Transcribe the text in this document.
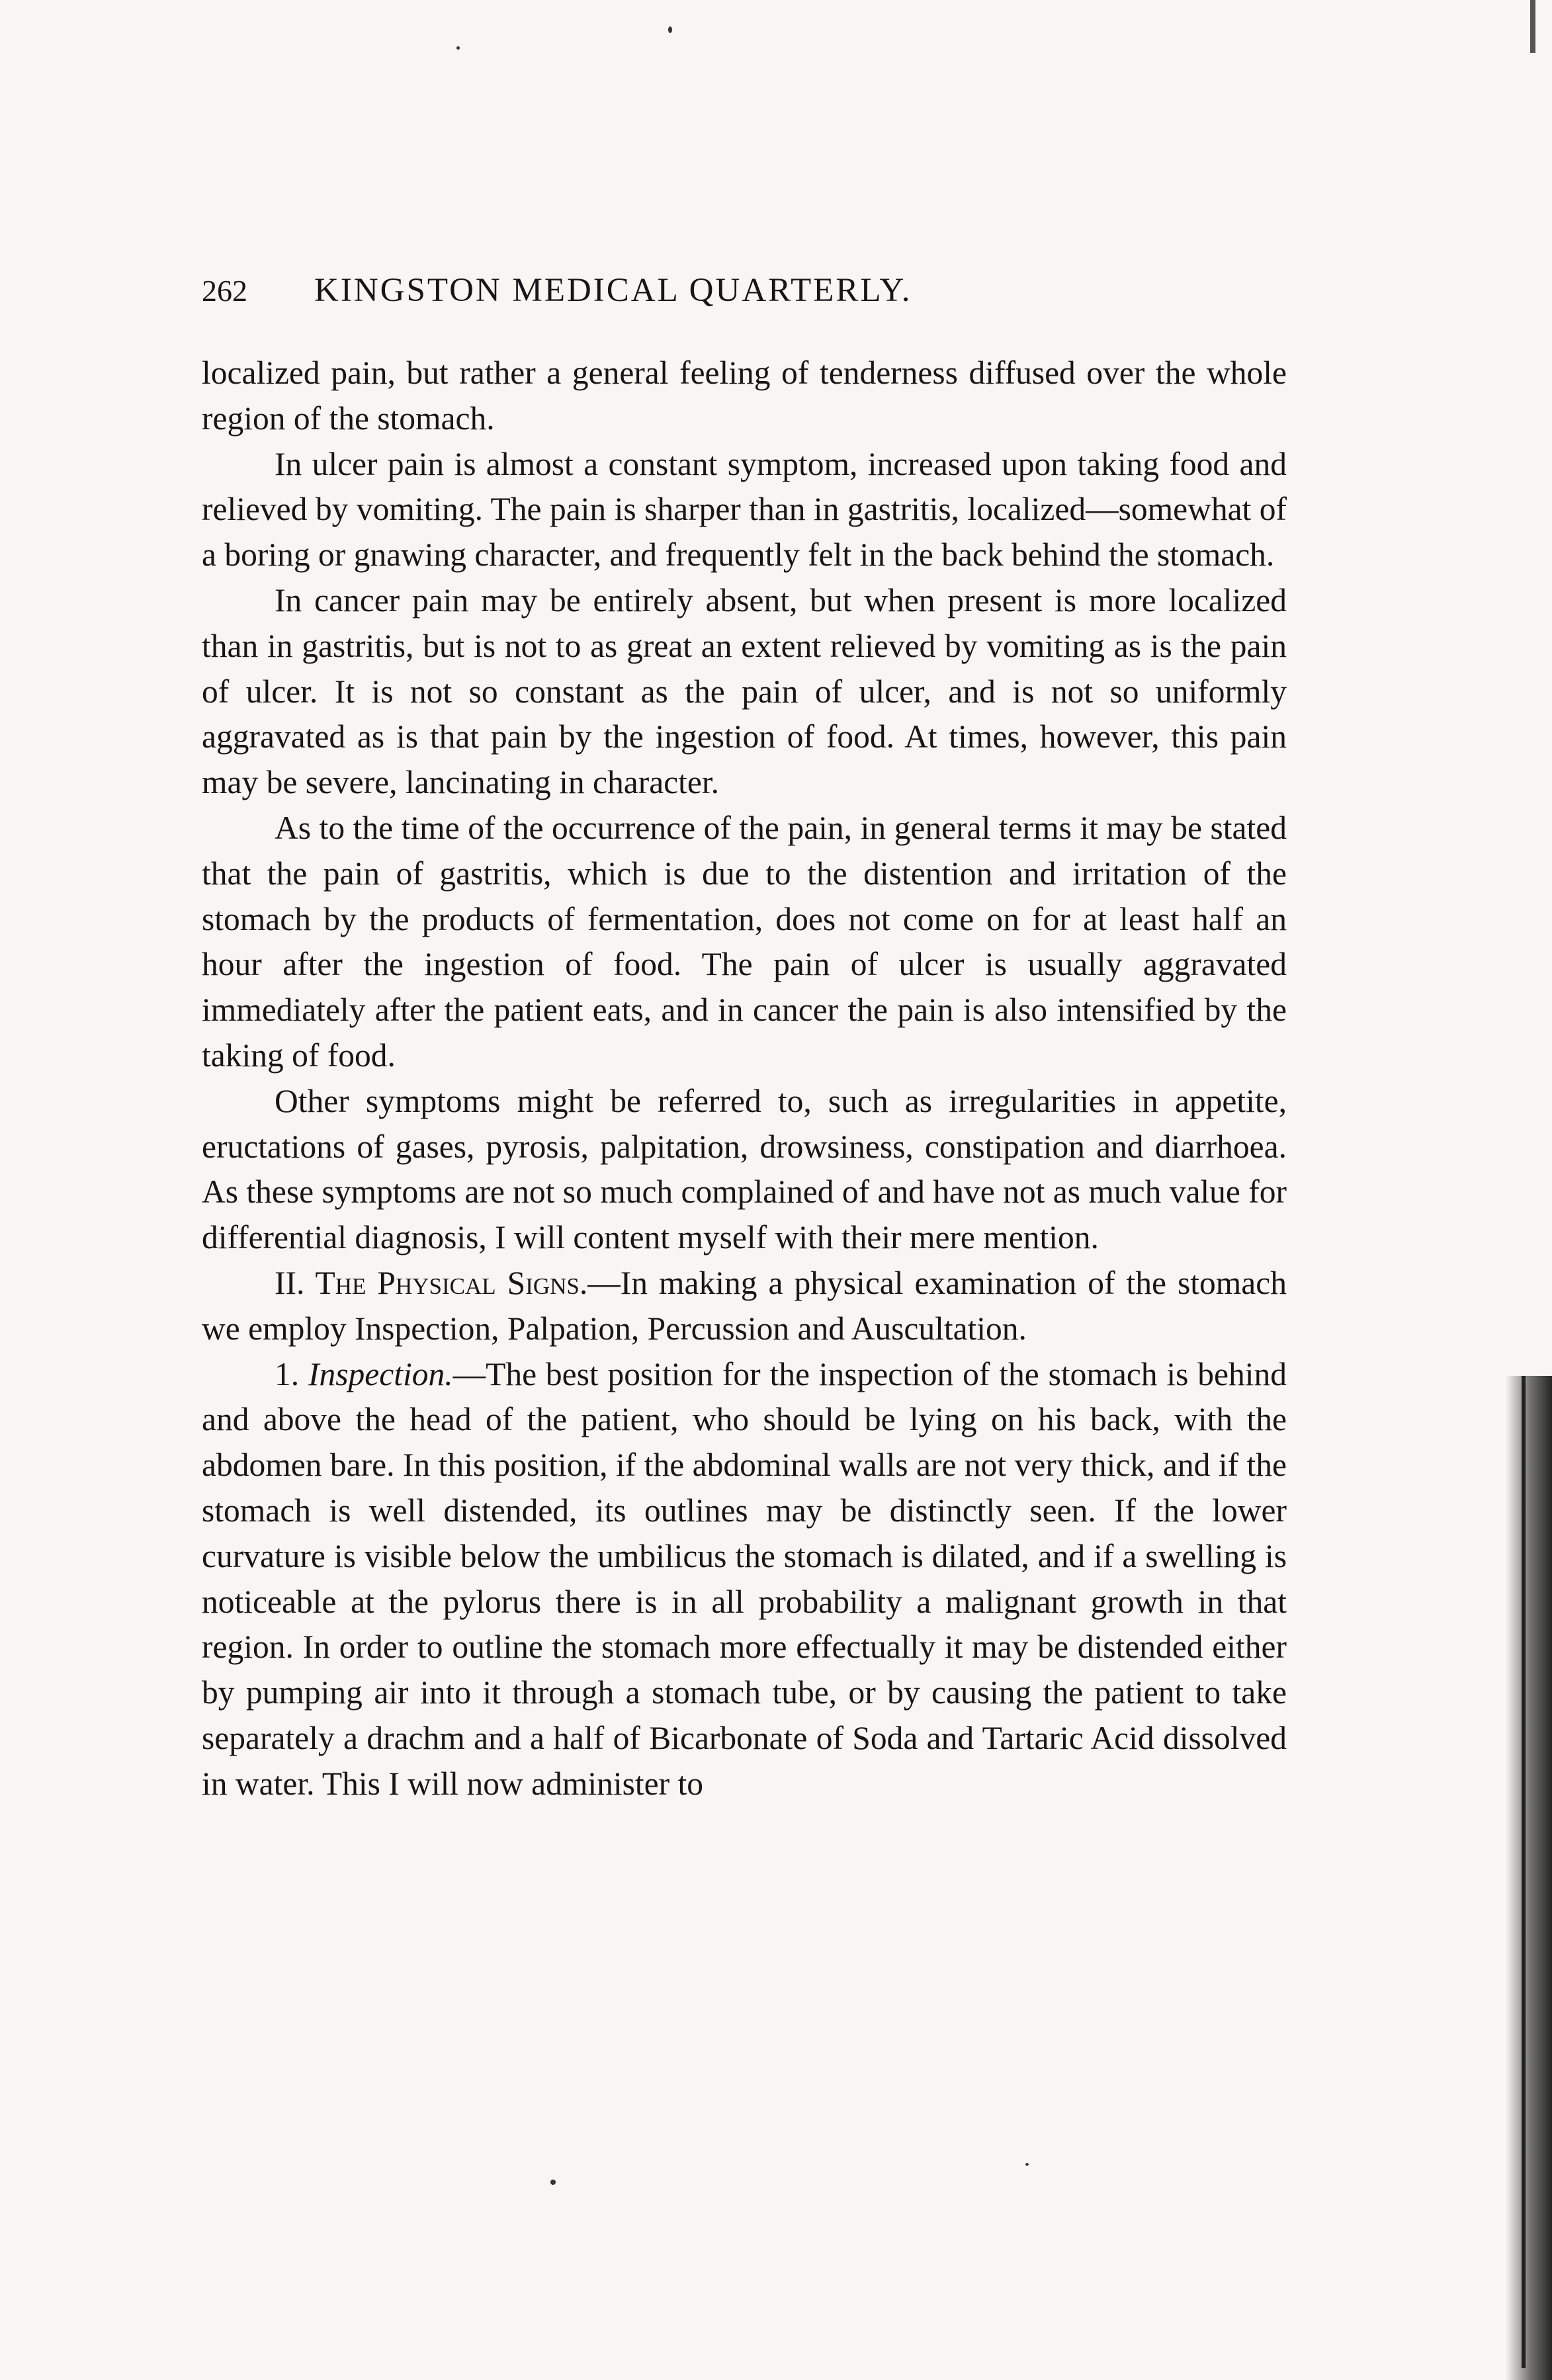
262	KINGSTON MEDICAL QUARTERLY.

localized pain, but rather a general feeling of tenderness diffused over the whole region of the stomach.

In ulcer pain is almost a constant symptom, increased upon taking food and relieved by vomiting. The pain is sharper than in gastritis, localized—somewhat of a boring or gnawing character, and frequently felt in the back behind the stomach.

In cancer pain may be entirely absent, but when present is more localized than in gastritis, but is not to as great an extent relieved by vomiting as is the pain of ulcer. It is not so constant as the pain of ulcer, and is not so uniformly aggravated as is that pain by the ingestion of food. At times, however, this pain may be severe, lancinating in character.

As to the time of the occurrence of the pain, in general terms it may be stated that the pain of gastritis, which is due to the distention and irritation of the stomach by the products of fermentation, does not come on for at least half an hour after the ingestion of food. The pain of ulcer is usually aggravated immediately after the patient eats, and in cancer the pain is also intensified by the taking of food.

Other symptoms might be referred to, such as irregularities in appetite, eructations of gases, pyrosis, palpitation, drowsiness, constipation and diarrhoea. As these symptoms are not so much complained of and have not as much value for differential diagnosis, I will content myself with their mere mention.

II. The Physical Signs.—In making a physical examination of the stomach we employ Inspection, Palpation, Percussion and Auscultation.

1. Inspection.—The best position for the inspection of the stomach is behind and above the head of the patient, who should be lying on his back, with the abdomen bare. In this position, if the abdominal walls are not very thick, and if the stomach is well distended, its outlines may be distinctly seen. If the lower curvature is visible below the umbilicus the stomach is dilated, and if a swelling is noticeable at the pylorus there is in all probability a malignant growth in that region. In order to outline the stomach more effectually it may be distended either by pumping air into it through a stomach tube, or by causing the patient to take separately a drachm and a half of Bicarbonate of Soda and Tartaric Acid dissolved in water. This I will now administer to
